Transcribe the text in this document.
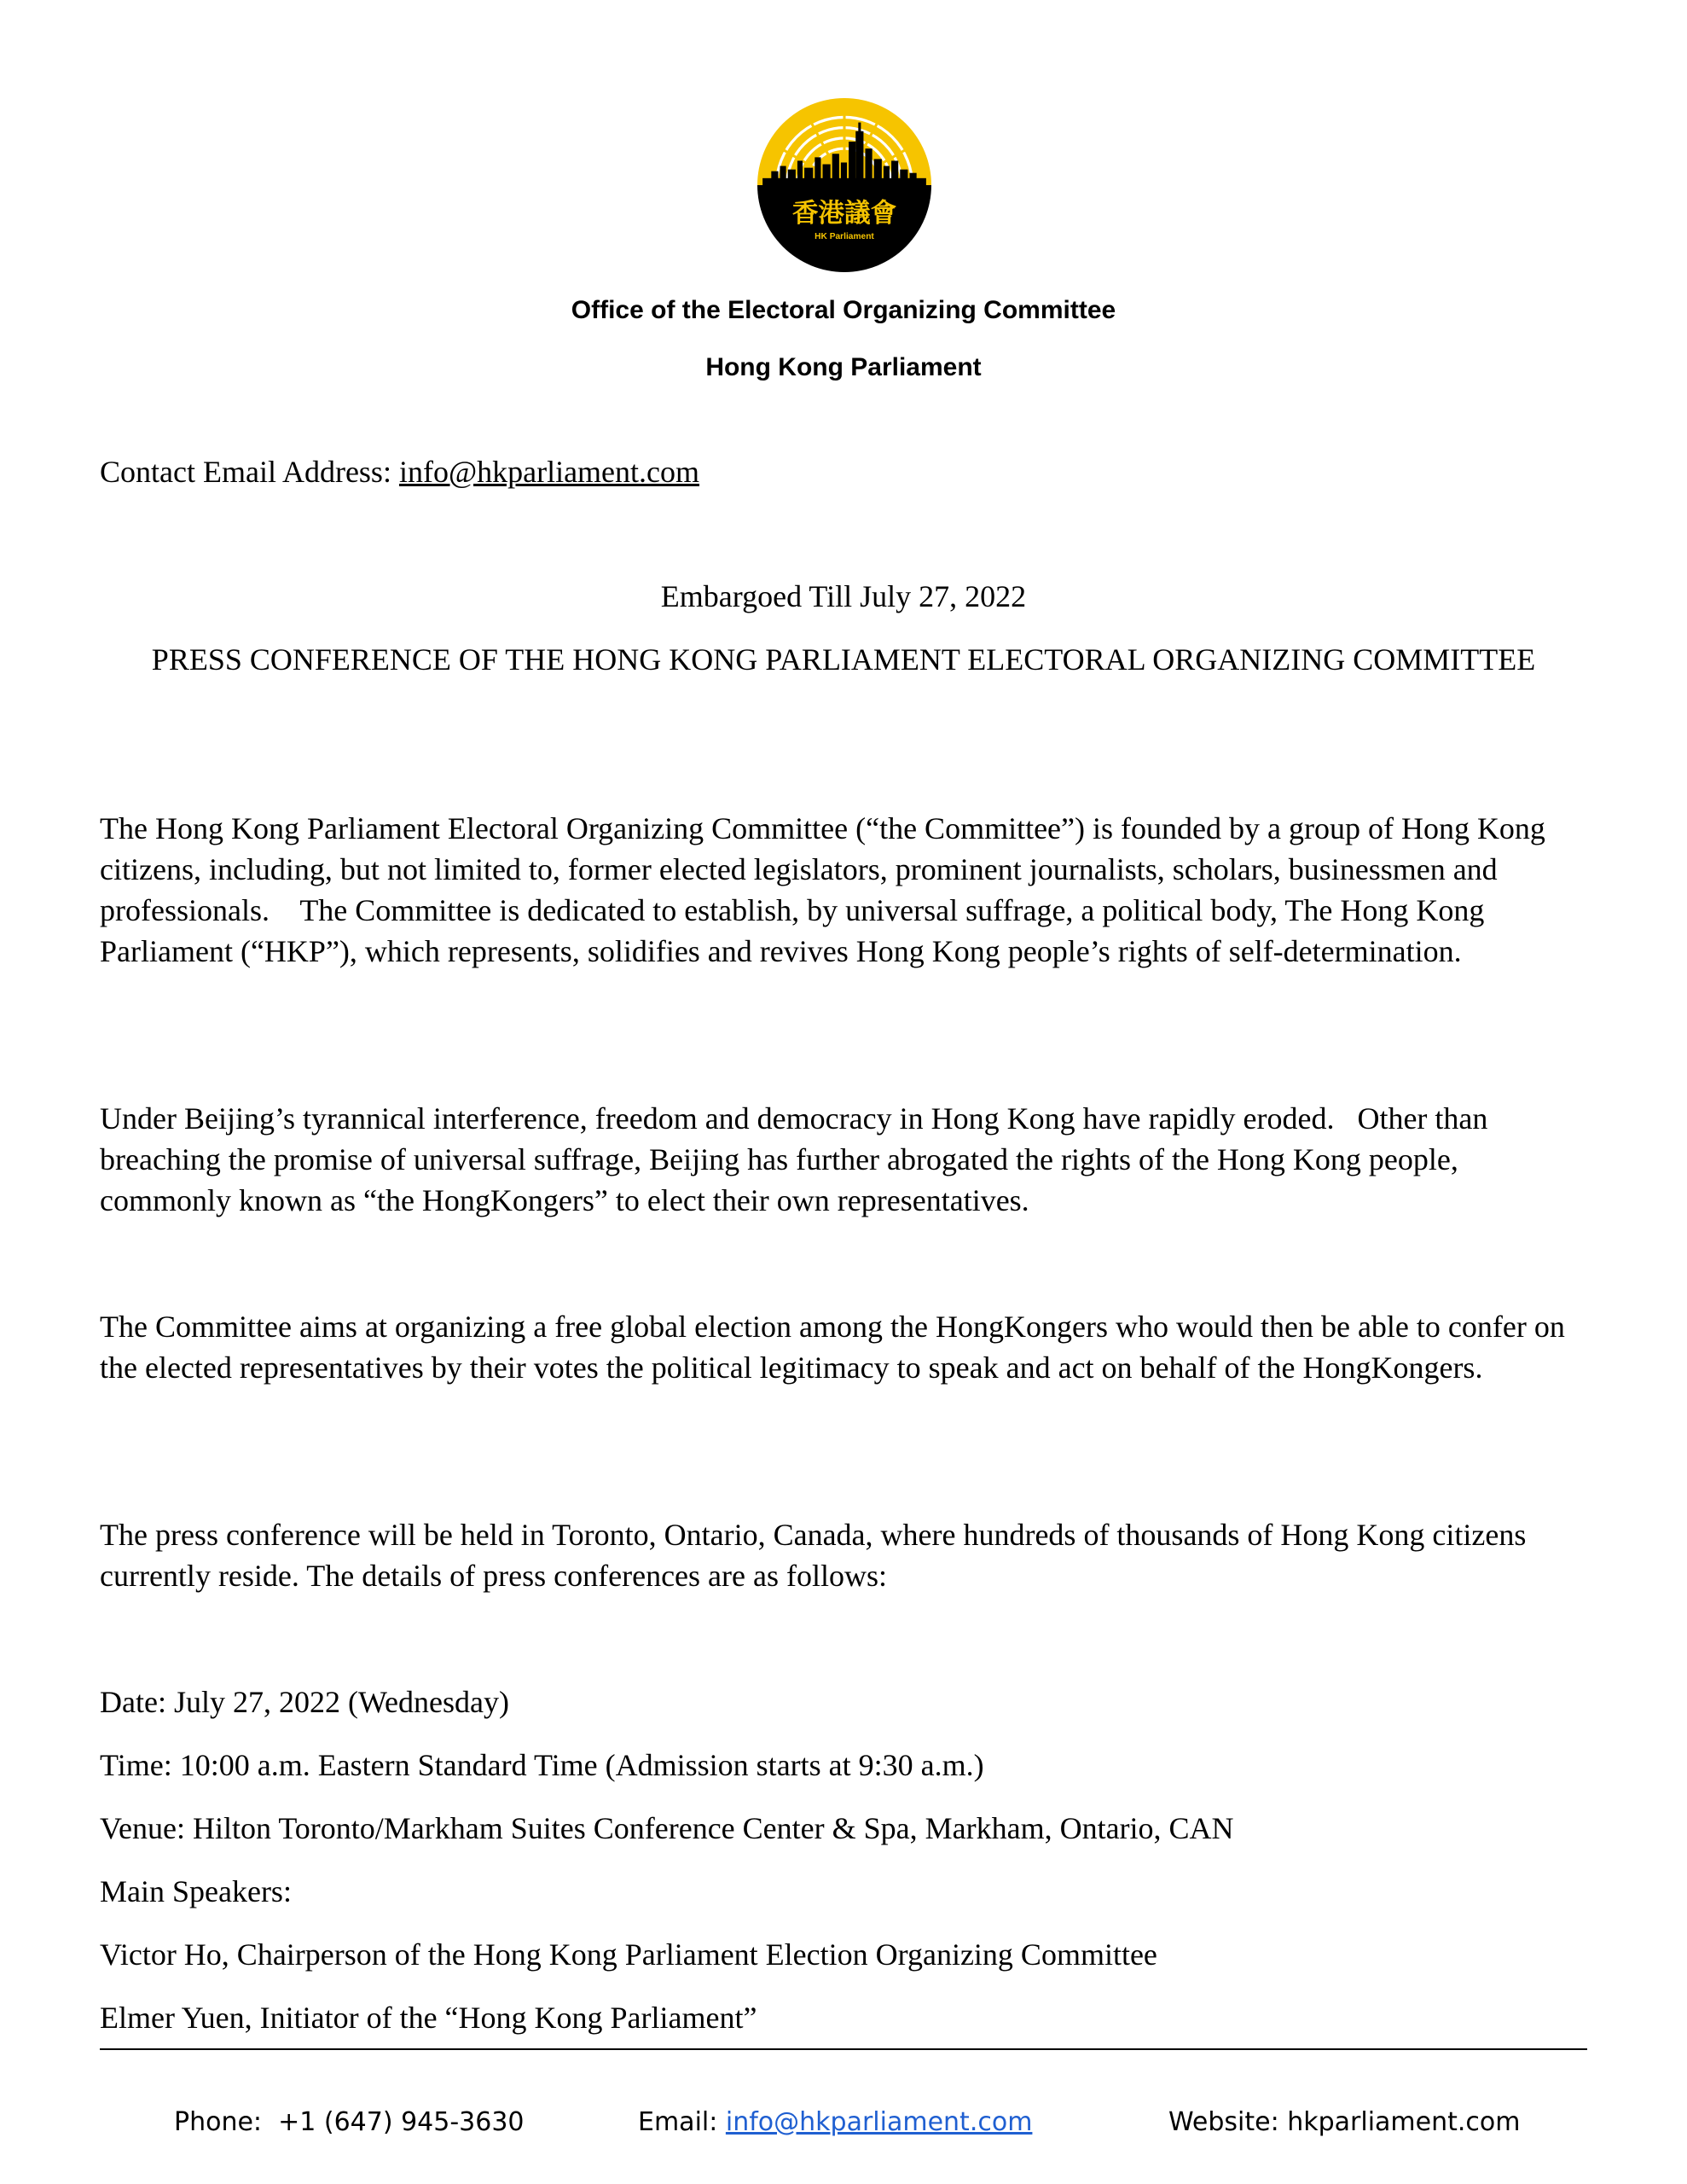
香港議會
HK Parliament
Office of the Electoral Organizing Committee
Hong Kong Parliament
Contact Email Address: info@hkparliament.com
Embargoed Till July 27, 2022
PRESS CONFERENCE OF THE HONG KONG PARLIAMENT ELECTORAL ORGANIZING COMMITTEE
The Hong Kong Parliament Electoral Organizing Committee (“the Committee”) is founded by a group of Hong Kong citizens, including, but not limited to, former elected legislators, prominent journalists, scholars, businessmen and professionals.    The Committee is dedicated to establish, by universal suffrage, a political body, The Hong Kong Parliament (“HKP”), which represents, solidifies and revives Hong Kong people’s rights of self-determination.
Under Beijing’s tyrannical interference, freedom and democracy in Hong Kong have rapidly eroded.   Other than breaching the promise of universal suffrage, Beijing has further abrogated the rights of the Hong Kong people, commonly known as “the HongKongers” to elect their own representatives.
The Committee aims at organizing a free global election among the HongKongers who would then be able to confer on the elected representatives by their votes the political legitimacy to speak and act on behalf of the HongKongers.
The press conference will be held in Toronto, Ontario, Canada, where hundreds of thousands of Hong Kong citizens currently reside. The details of press conferences are as follows:
Date: July 27, 2022 (Wednesday)
Time: 10:00 a.m. Eastern Standard Time (Admission starts at 9:30 a.m.)
Venue: Hilton Toronto/Markham Suites Conference Center & Spa, Markham, Ontario, CAN
Main Speakers:
Victor Ho, Chairperson of the Hong Kong Parliament Election Organizing Committee
Elmer Yuen, Initiator of the “Hong Kong Parliament”
Phone:  +1 (647) 945-3630	Email: info@hkparliament.com	Website: hkparliament.com
